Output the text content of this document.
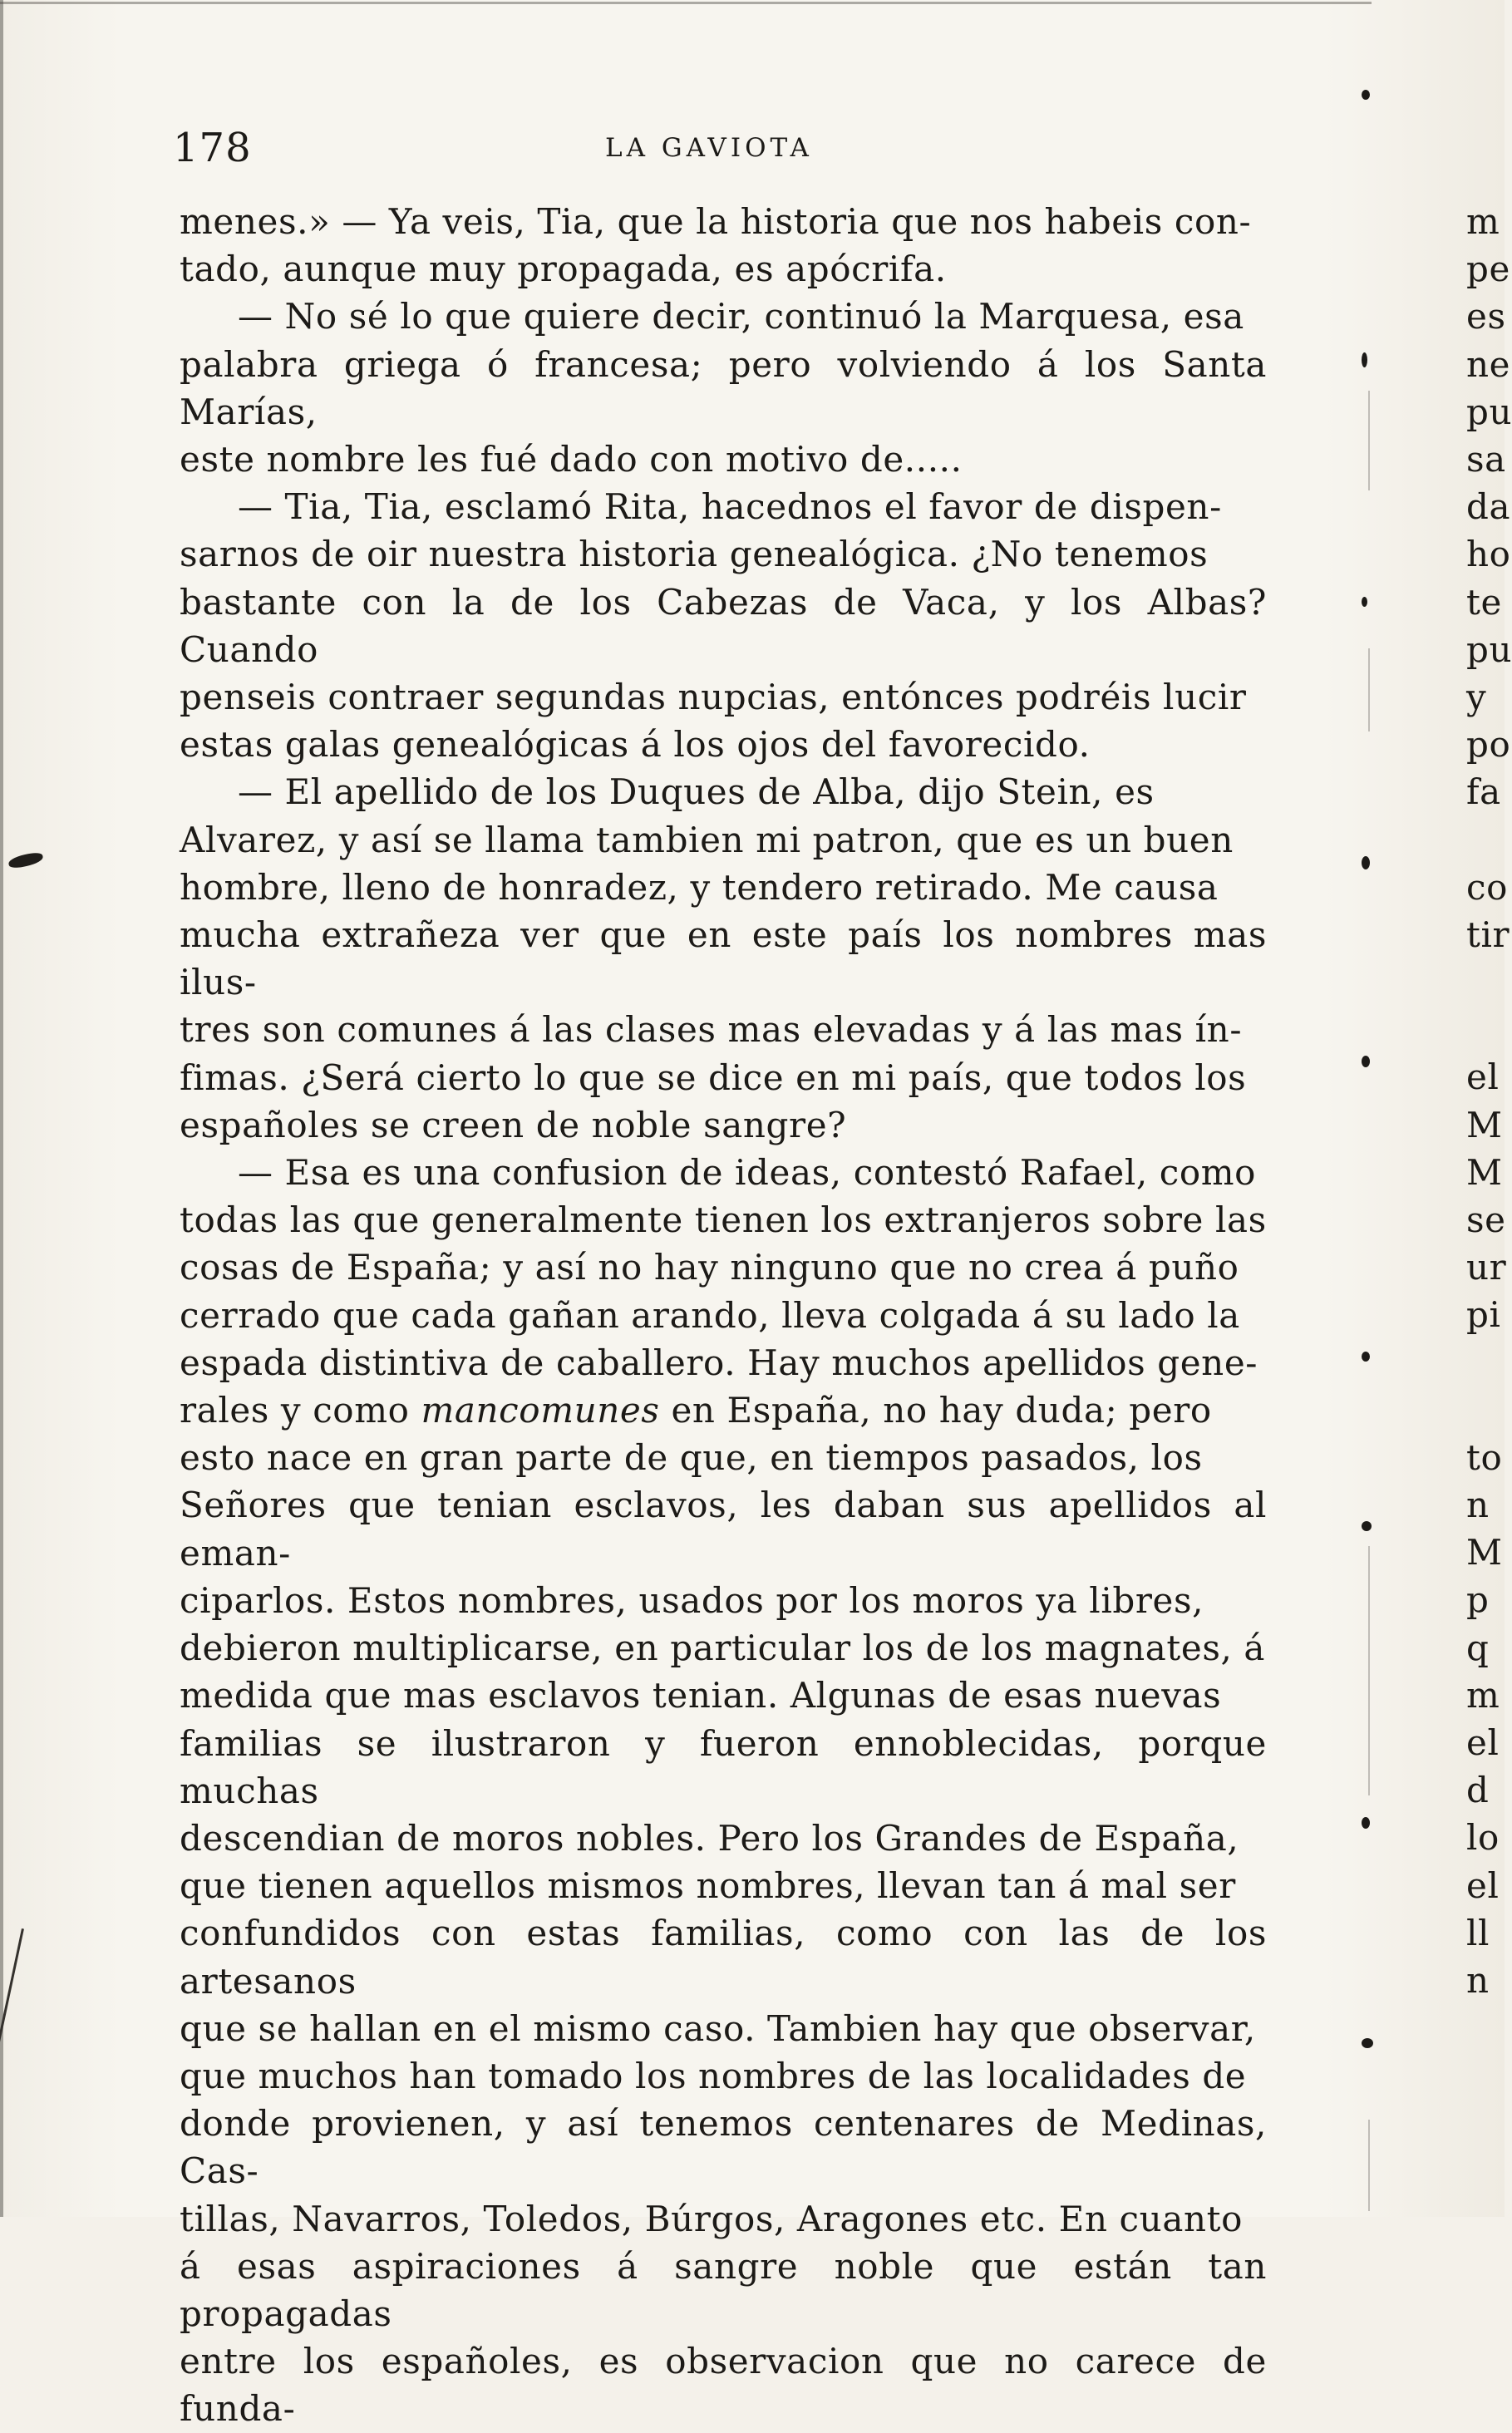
178	LA GAVIOTA

menes.» — Ya veis, Tia, que la historia que nos habeis con-
tado, aunque muy propagada, es apócrifa.

— No sé lo que quiere decir, continuó la Marquesa, esa
palabra griega ó francesa; pero volviendo á los Santa Marías,
este nombre les fué dado con motivo de.....

— Tia, Tia, esclamó Rita, hacednos el favor de dispen-
sarnos de oir nuestra historia genealógica. ¿No tenemos
bastante con la de los Cabezas de Vaca, y los Albas? Cuando
penseis contraer segundas nupcias, entónces podréis lucir
estas galas genealógicas á los ojos del favorecido.

— El apellido de los Duques de Alba, dijo Stein, es
Alvarez, y así se llama tambien mi patron, que es un buen
hombre, lleno de honradez, y tendero retirado. Me causa
mucha extrañeza ver que en este país los nombres mas ilus-
tres son comunes á las clases mas elevadas y á las mas ín-
fimas. ¿Será cierto lo que se dice en mi país, que todos los
españoles se creen de noble sangre?

— Esa es una confusion de ideas, contestó Rafael, como
todas las que generalmente tienen los extranjeros sobre las
cosas de España; y así no hay ninguno que no crea á puño
cerrado que cada gañan arando, lleva colgada á su lado la
espada distintiva de caballero. Hay muchos apellidos gene-
rales y como mancomunes en España, no hay duda; pero
esto nace en gran parte de que, en tiempos pasados, los
Señores que tenian esclavos, les daban sus apellidos al eman-
ciparlos. Estos nombres, usados por los moros ya libres,
debieron multiplicarse, en particular los de los magnates, á
medida que mas esclavos tenian. Algunas de esas nuevas
familias se ilustraron y fueron ennoblecidas, porque muchas
descendian de moros nobles. Pero los Grandes de España,
que tienen aquellos mismos nombres, llevan tan á mal ser
confundidos con estas familias, como con las de los artesanos
que se hallan en el mismo caso. Tambien hay que observar,
que muchos han tomado los nombres de las localidades de
donde provienen, y así tenemos centenares de Medinas, Cas-
tillas, Navarros, Toledos, Búrgos, Aragones etc. En cuanto
á esas aspiraciones á sangre noble que están tan propagadas
entre los españoles, es observacion que no carece de funda-

m
pe
es
ne
pu
sa
da
ho
te
pu
y
po
fa
co
tir
el
M
M
se
ur
pi
to
n
M
p
q
m
el
d
lo
el
ll
n
